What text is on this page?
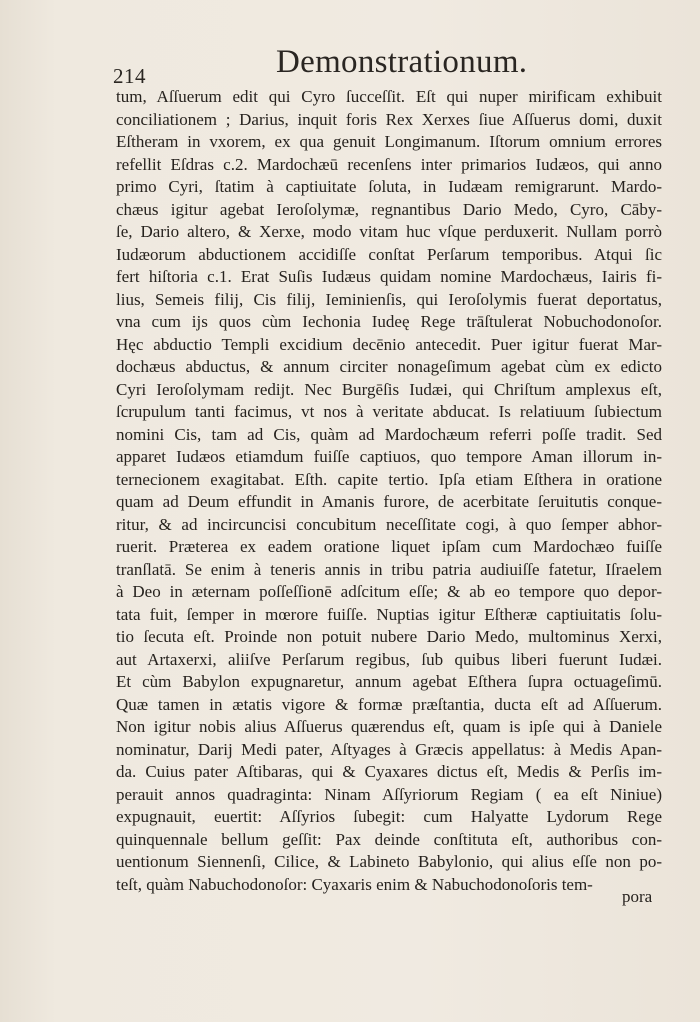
214	Demonstrationum.
tum, Aſſuerum edit qui Cyro ſucceſſit. Eſt qui nuper mirificam exhibuit
conciliationem ; Darius, inquit foris Rex Xerxes ſiue Aſſuerus domi, duxit
Eſtheram in vxorem, ex qua genuit Longimanum. Iſtorum omnium errores
refellit Eſdras c.2. Mardochæū recenſens inter primarios Iudæos, qui anno
primo Cyri, ſtatim à captiuitate ſoluta, in Iudæam remigrarunt. Mardo-
chæus igitur agebat Ieroſolymæ, regnantibus Dario Medo, Cyro, Cāby-
ſe, Dario altero, & Xerxe, modo vitam huc vſque perduxerit. Nullam porrò
Iudæorum abductionem accidiſſe conſtat Perſarum temporibus. Atqui ſic
fert hiſtoria c.1. Erat Suſis Iudæus quidam nomine Mardochæus, Iairis fi-
lius, Semeis filij, Cis filij, Ieminienſis, qui Ieroſolymis fuerat deportatus,
vna cum ijs quos cùm Iechonia Iudeę Rege trāſtulerat Nobuchodonoſor.
Hęc abductio Templi excidium decēnio antecedit. Puer igitur fuerat Mar-
dochæus abductus, & annum circiter nonageſimum agebat cùm ex edicto
Cyri Ieroſolymam redijt. Nec Burgēſis Iudæi, qui Chriſtum amplexus eſt,
ſcrupulum tanti facimus, vt nos à veritate abducat. Is relatiuum ſubiectum
nomini Cis, tam ad Cis, quàm ad Mardochæum referri poſſe tradit. Sed
apparet Iudæos etiamdum fuiſſe captiuos, quo tempore Aman illorum in-
ternecionem exagitabat. Eſth. capite tertio. Ipſa etiam Eſthera in oratione
quam ad Deum effundit in Amanis furore, de acerbitate ſeruitutis conque-
ritur, & ad incircuncisi concubitum neceſſitate cogi, à quo ſemper abhor-
ruerit. Præterea ex eadem oratione liquet ipſam cum Mardochæo fuiſſe
tranſlatā. Se enim à teneris annis in tribu patria audiuiſſe fatetur, Iſraelem
à Deo in æternam poſſeſſionē adſcitum eſſe; & ab eo tempore quo depor-
tata fuit, ſemper in mœrore fuiſſe. Nuptias igitur Eſtheræ captiuitatis ſolu-
tio ſecuta eſt. Proinde non potuit nubere Dario Medo, multominus Xerxi,
aut Artaxerxi, aliiſve Perſarum regibus, ſub quibus liberi fuerunt Iudæi.
Et cùm Babylon expugnaretur, annum agebat Eſthera ſupra octuageſimū.
Quæ tamen in ætatis vigore & formæ præſtantia, ducta eſt ad Aſſuerum.
Non igitur nobis alius Aſſuerus quærendus eſt, quam is ipſe qui à Daniele
nominatur, Darij Medi pater, Aſtyages à Græcis appellatus: à Medis Apan-
da. Cuius pater Aſtibaras, qui & Cyaxares dictus eſt, Medis & Perſis im-
perauit annos quadraginta: Ninam Aſſyriorum Regiam ( ea eſt Niniue)
expugnauit, euertit: Aſſyrios ſubegit: cum Halyatte Lydorum Rege
quinquennale bellum geſſit: Pax deinde conſtituta eſt, authoribus con-
uentionum Siennenſi, Cilice, & Labineto Babylonio, qui alius eſſe non po-
teſt, quàm Nabuchodonoſor: Cyaxaris enim & Nabuchodonoſoris tem-
pora
